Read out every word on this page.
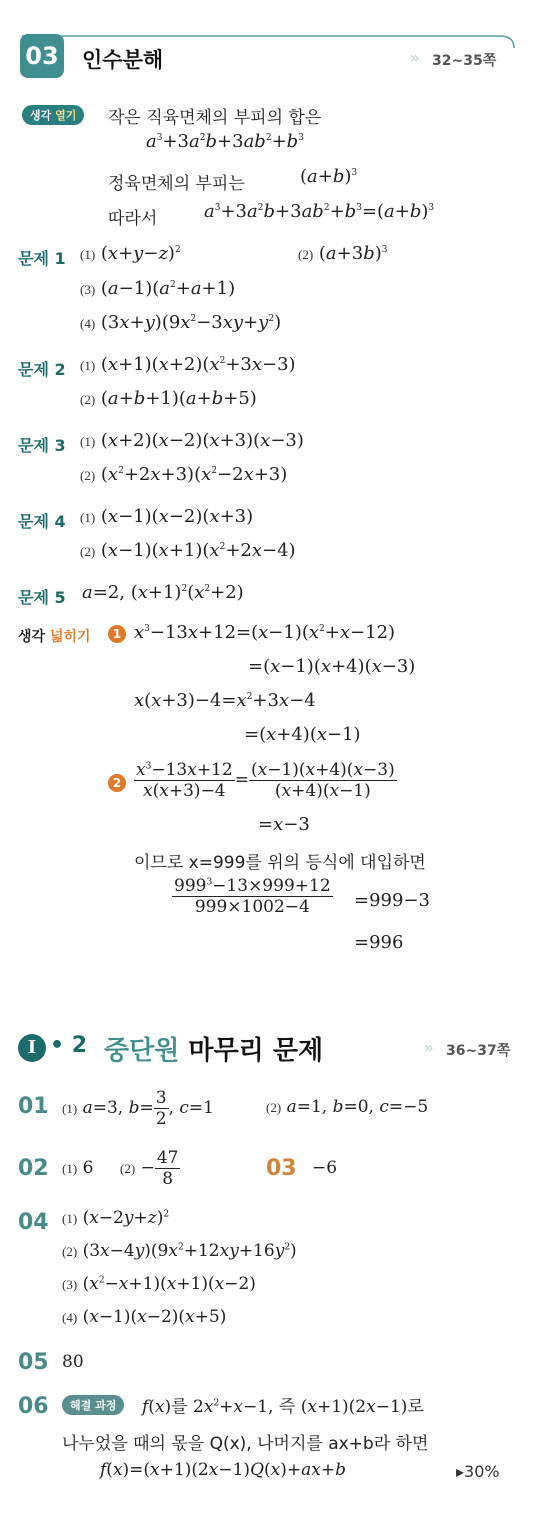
03 인수분해	» 32~35쪽
생각 열기	작은 직육면체의 부피의 합은
$a^3+3a^2b+3ab^2+b^3$
정육면체의 부피는	$(a+b)^3$
따라서	$a^3+3a^2b+3ab^2+b^3=(a+b)^3$
문제 1 (1) $(x+y-z)^2$	(2) $(a+3b)^3$
(3) $(a-1)(a^2+a+1)$
(4) $(3x+y)(9x^2-3xy+y^2)$
문제 2 (1) $(x+1)(x+2)(x^2+3x-3)$
(2) (a+b+1)(a+b+5)
문제 3 (1) (x+2)(x−2)(x+3)(x−3)
(2) $(x^2+2x+3)(x^2-2x+3)$
문제 4 (1) (x−1)(x−2)(x+3)
(2) $(x-1)(x+1)(x^2+2x-4)$
문제 5 a=2, $(x+1)^2(x^2+2)$
생각 넓히기	1 $x^3-13x+12=(x-1)(x^2+x-12)$
=(x−1)(x+4)(x−3)
$x(x+3)-4=x^2+3x-4$
=(x+4)(x−1)
$2 \frac{x^3-13x+12}{x(x+3)-4} = \frac{(x-1)(x+4)(x-3)}{(x+4)(x-1)}$
=x−3
이므로 x=999를 위의 등식에 대입하면
$\frac{999^3-13\times 999+12}{999\times 1002-4} =999-3$
=996
I • 2 중단원 마무리 문제	» 36~37쪽
01 (1) a=3, $b= \frac{3}{2}$ , c=1	(2) a=1, b=0, c=−5
02 (1) 6 $(2) - \frac{47}{8}$	03 −6
04 (1) $(x-2y+z)^2$
(2) $(3x-4y)(9x^2+12xy+16y^2)$
(3) $(x^2-x+1)(x+1)(x-2)$
(4) (x−1)(x−2)(x+5)
05 80
06	해결 과정	f(x)를 $2x^2+x-1$, 즉 (x+1)(2x−1)로
나누었을 때의 몫을 Q(x), 나머지를 ax+b라 하면
f(x)=(x+1)(2x−1)Q(x)+ax+b	▸30%
